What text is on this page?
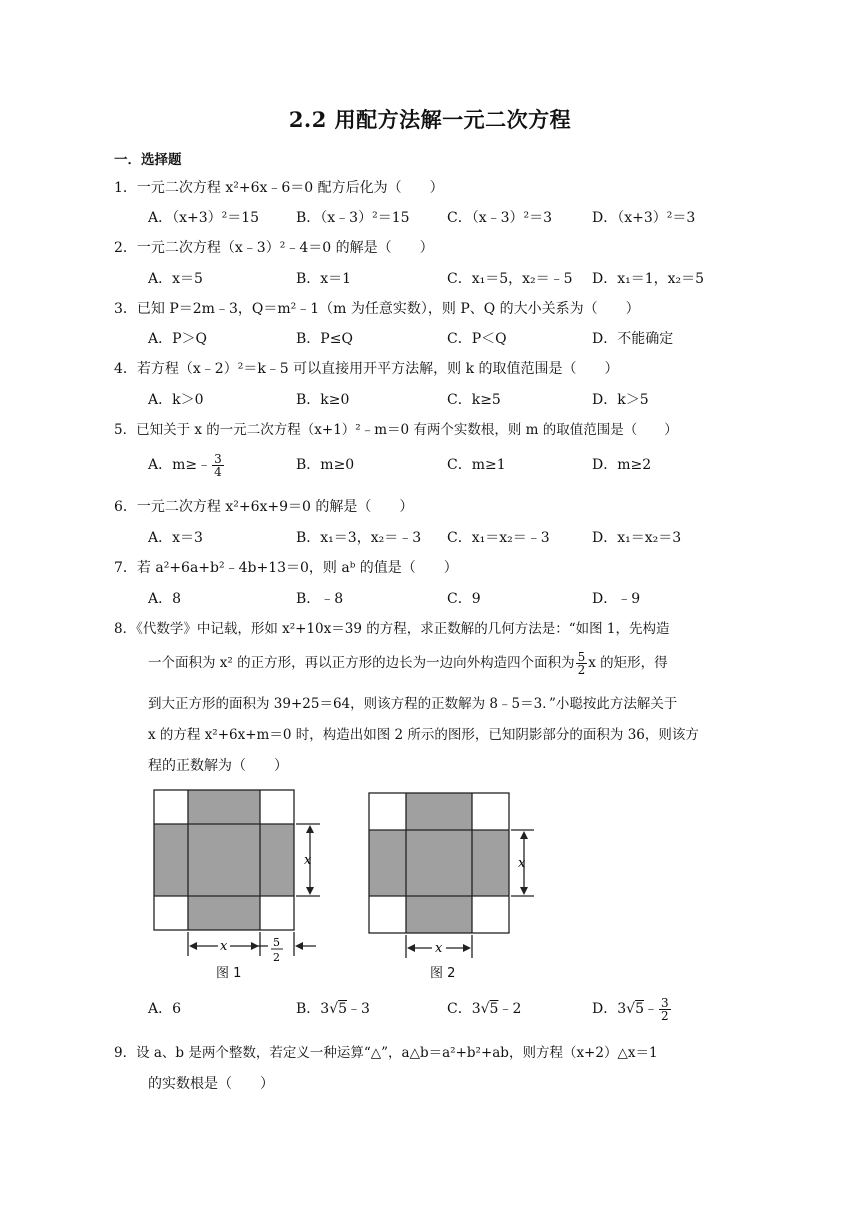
2.2 用配方法解一元二次方程
一．选择题
1．一元二次方程 x²+6x﹣6＝0 配方后化为（　　）
A．（x+3）²＝15	B．（x﹣3）²＝15	C．（x﹣3）²＝3	D．（x+3）²＝3
2．一元二次方程（x﹣3）²﹣4＝0 的解是（　　）
A．x＝5	B．x＝1	C．x₁＝5，x₂＝﹣5 D．x₁＝1，x₂＝5
3．已知 P＝2m﹣3，Q＝m²﹣1（m 为任意实数），则 P、Q 的大小关系为（　　）
A．P＞Q	B．P≤Q	C．P＜Q	D．不能确定
4．若方程（x﹣2）²＝k﹣5 可以直接用开平方法解，则 k 的取值范围是（　　）
A．k＞0	B．k≥0	C．k≥5	D．k＞5
5．已知关于 x 的一元二次方程（x+1）²﹣m＝0 有两个实数根，则 m 的取值范围是（　　）
A．m≥﹣ $\frac{3}{4}$	B．m≥0	C．m≥1	D．m≥2
6．一元二次方程 x²+6x+9＝0 的解是（　　）
A．x＝3	B．x₁＝3，x₂＝﹣3 C．x₁＝x₂＝﹣3	D．x₁＝x₂＝3
7．若 a²+6a+b²﹣4b+13＝0，则 aᵇ 的值是（　　）
A．8	B．﹣8	C．9	D．﹣9
8．《代数学》中记载，形如 x²+10x＝39 的方程，求正数解的几何方法是：“如图 1，先构造
一个面积为 x² 的正方形，再以正方形的边长为一边向外构造四个面积为 $\frac{5}{2}$ x 的矩形，得
到大正方形的面积为 39+25＝64，则该方程的正数解为 8﹣5＝3．”小聪按此方法解关于
x 的方程 x²+6x+m＝0 时，构造出如图 2 所示的图形，已知阴影部分的面积为 36，则该方
程的正数解为（　　）
x
x	5
2
图 1
x
x
图 2
A．6	B．3√5﹣3	C．3√5﹣2	D．3√5﹣ $\frac{3}{2}$
9．设 a、b 是两个整数，若定义一种运算“△”，a△b＝a²+b²+ab，则方程（x+2）△x＝1
的实数根是（　　）
